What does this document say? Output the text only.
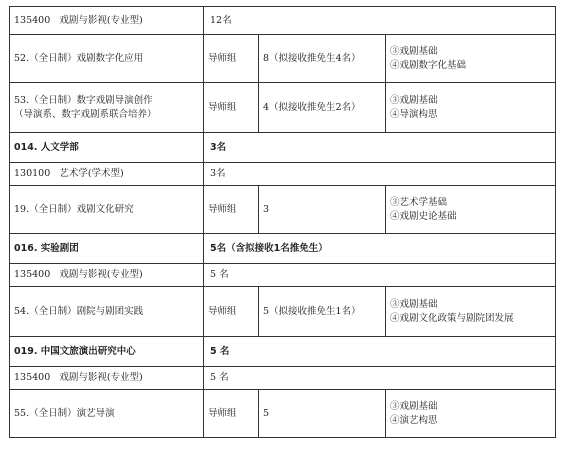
135400 戏剧与影视(专业型)	12名		
52.（全日制）戏剧数字化应用	导师组	8（拟接收推免生4名）	③戏剧基础
④戏剧数字化基础

53.（全日制）数字戏剧导演创作
（导演系、数字戏剧系联合培养）	导师组	4（拟接收推免生2名）	③戏剧基础
④导演构思

014. 人文学部	3名		
130100 艺术学(学术型)	3名		
19.（全日制）戏剧文化研究	导师组	3	③艺术学基础
④戏剧史论基础

016. 实验剧团	5名（含拟接收1名推免生）		
135400 戏剧与影视(专业型)	5 名		
54.（全日制）剧院与剧团实践	导师组	5（拟接收推免生1名）	③戏剧基础
④戏剧文化政策与剧院团发展

019. 中国文旅演出研究中心	5 名		
135400 戏剧与影视(专业型)	5 名		
55.（全日制）演艺导演	导师组	5	③戏剧基础
④演艺构思
